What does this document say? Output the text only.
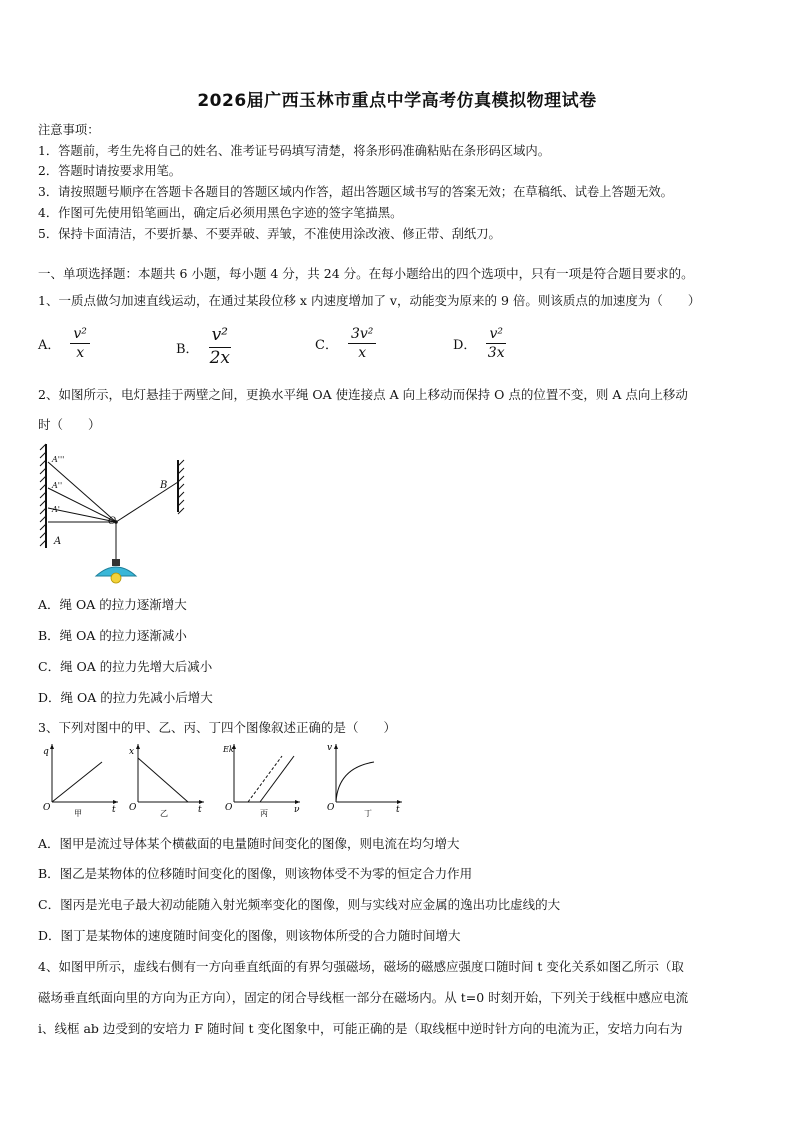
2026届广西玉林市重点中学高考仿真模拟物理试卷
注意事项：
1．答题前，考生先将自己的姓名、准考证号码填写清楚，将条形码准确粘贴在条形码区域内。
2．答题时请按要求用笔。
3．请按照题号顺序在答题卡各题目的答题区域内作答，超出答题区域书写的答案无效；在草稿纸、试卷上答题无效。
4．作图可先使用铅笔画出，确定后必须用黑色字迹的签字笔描黑。
5．保持卡面清洁，不要折暴、不要弄破、弄皱，不准使用涂改液、修正带、刮纸刀。
一、单项选择题：本题共 6 小题，每小题 4 分，共 24 分。在每小题给出的四个选项中，只有一项是符合题目要求的。
1、一质点做匀加速直线运动，在通过某段位移 x 内速度增加了 v，动能变为原来的 9 倍。则该质点的加速度为（　　）
A． $\frac{\text{v²}}{x}$	B． $\frac{\text{v²}}{2x}$	C． $\frac{\text{3v²}}{x}$	D． $\frac{\text{v²}}{3x}$
2、如图所示，电灯悬挂于两壁之间，更换水平绳 OA 使连接点 A 向上移动而保持 O 点的位置不变，则 A 点向上移动
时（　　）
A'''
A''
A'
A
B
O
A．绳 OA 的拉力逐渐增大
B．绳 OA 的拉力逐渐减小
C．绳 OA 的拉力先增大后减小
D．绳 OA 的拉力先减小后增大
3、下列对图中的甲、乙、丙、丁四个图像叙述正确的是（　　）
q
t
O
甲
x
t
O
乙
Ek
ν
O
丙
v
t
O
丁
A．图甲是流过导体某个横截面的电量随时间变化的图像，则电流在均匀增大
B．图乙是某物体的位移随时间变化的图像，则该物体受不为零的恒定合力作用
C．图丙是光电子最大初动能随入射光频率变化的图像，则与实线对应金属的逸出功比虚线的大
D．图丁是某物体的速度随时间变化的图像，则该物体所受的合力随时间增大
4、如图甲所示，虚线右侧有一方向垂直纸面的有界匀强磁场，磁场的磁感应强度口随时间 t 变化关系如图乙所示（取
磁场垂直纸面向里的方向为正方向），固定的闭合导线框一部分在磁场内。从 t=0 时刻开始，下列关于线框中感应电流
i、线框 ab 边受到的安培力 F 随时间 t 变化图象中，可能正确的是（取线框中逆时针方向的电流为正，安培力向右为
